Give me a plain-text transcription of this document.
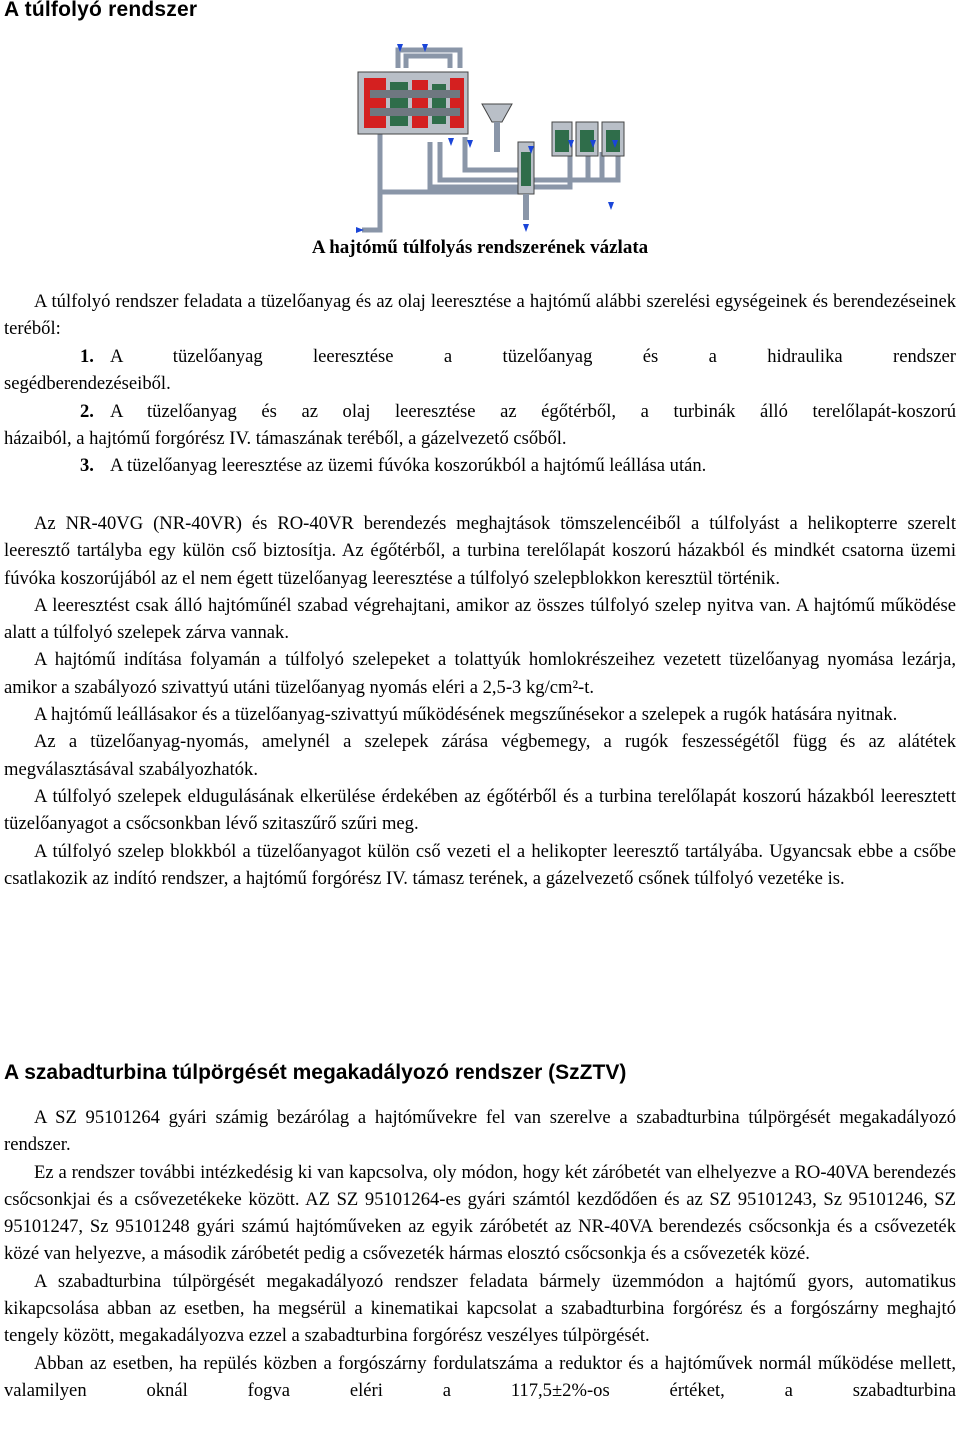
A túlfolyó rendszer
A hajtómű túlfolyás rendszerének vázlata

A túlfolyó rendszer feladata a tüzelőanyag és az olaj leeresztése a hajtómű alábbi szerelési egységeinek és berendezéseinek teréből:

1. A tüzelőanyag leeresztése a tüzelőanyag és a hidraulika rendszer

segédberendezéseiből.

2. A tüzelőanyag és az olaj leeresztése az égőtérből, a turbinák álló terelőlapát-koszorú

házaiból, a hajtómű forgórész IV. támaszának teréből, a gázelvezető csőből.

3. A tüzelőanyag leeresztése az üzemi fúvóka koszorúkból a hajtómű leállása után.

Az NR-40VG (NR-40VR) és RO-40VR berendezés meghajtások tömszelencéiből a túlfolyást a helikopterre szerelt leeresztő tartályba egy külön cső biztosítja. Az égőtérből, a turbina terelőlapát koszorú házakból és mindkét csatorna üzemi fúvóka koszorújából az el nem égett tüzelőanyag leeresztése a túlfolyó szelepblokkon keresztül történik.

A leeresztést csak álló hajtóműnél szabad végrehajtani, amikor az összes túlfolyó szelep nyitva van. A hajtómű működése alatt a túlfolyó szelepek zárva vannak.

A hajtómű indítása folyamán a túlfolyó szelepeket a tolattyúk homlokrészeihez vezetett tüzelőanyag nyomása lezárja, amikor a szabályozó szivattyú utáni tüzelőanyag nyomás eléri a 2,5-3 kg/cm²-t.

A hajtómű leállásakor és a tüzelőanyag-szivattyú működésének megszűnésekor a szelepek a rugók hatására nyitnak.

Az a tüzelőanyag-nyomás, amelynél a szelepek zárása végbemegy, a rugók feszességétől függ és az alátétek megválasztásával szabályozhatók.

A túlfolyó szelepek eldugulásának elkerülése érdekében az égőtérből és a turbina terelőlapát koszorú házakból leeresztett tüzelőanyagot a csőcsonkban lévő szitaszűrő szűri meg.

A túlfolyó szelep blokkból a tüzelőanyagot külön cső vezeti el a helikopter leeresztő tartályába. Ugyancsak ebbe a csőbe csatlakozik az indító rendszer, a hajtómű forgórész IV. támasz terének, a gázelvezető csőnek túlfolyó vezetéke is.

A szabadturbina túlpörgését megakadályozó rendszer (SzZTV)

A SZ 95101264 gyári számig bezárólag a hajtóművekre fel van szerelve a szabadturbina túlpörgését megakadályozó rendszer.

Ez a rendszer további intézkedésig ki van kapcsolva, oly módon, hogy két záróbetét van elhelyezve a RO-40VA berendezés csőcsonkjai és a csővezetékeke között. AZ SZ 95101264-es gyári számtól kezdődően és az SZ 95101243, Sz 95101246, SZ 95101247, Sz 95101248 gyári számú hajtóműveken az egyik záróbetét az NR-40VA berendezés csőcsonkja és a csővezeték közé van helyezve, a második záróbetét pedig a csővezeték hármas elosztó csőcsonkja és a csővezeték közé.

A szabadturbina túlpörgését megakadályozó rendszer feladata bármely üzemmódon a hajtómű gyors, automatikus kikapcsolása abban az esetben, ha megsérül a kinematikai kapcsolat a szabadturbina forgórész és a forgószárny meghajtó tengely között, megakadályozva ezzel a szabadturbina forgórész veszélyes túlpörgését.

Abban az esetben, ha repülés közben a forgószárny fordulatszáma a reduktor és a hajtóművek normál működése mellett, valamilyen oknál fogva eléri a 117,5±2%-os értéket, a szabadturbina
